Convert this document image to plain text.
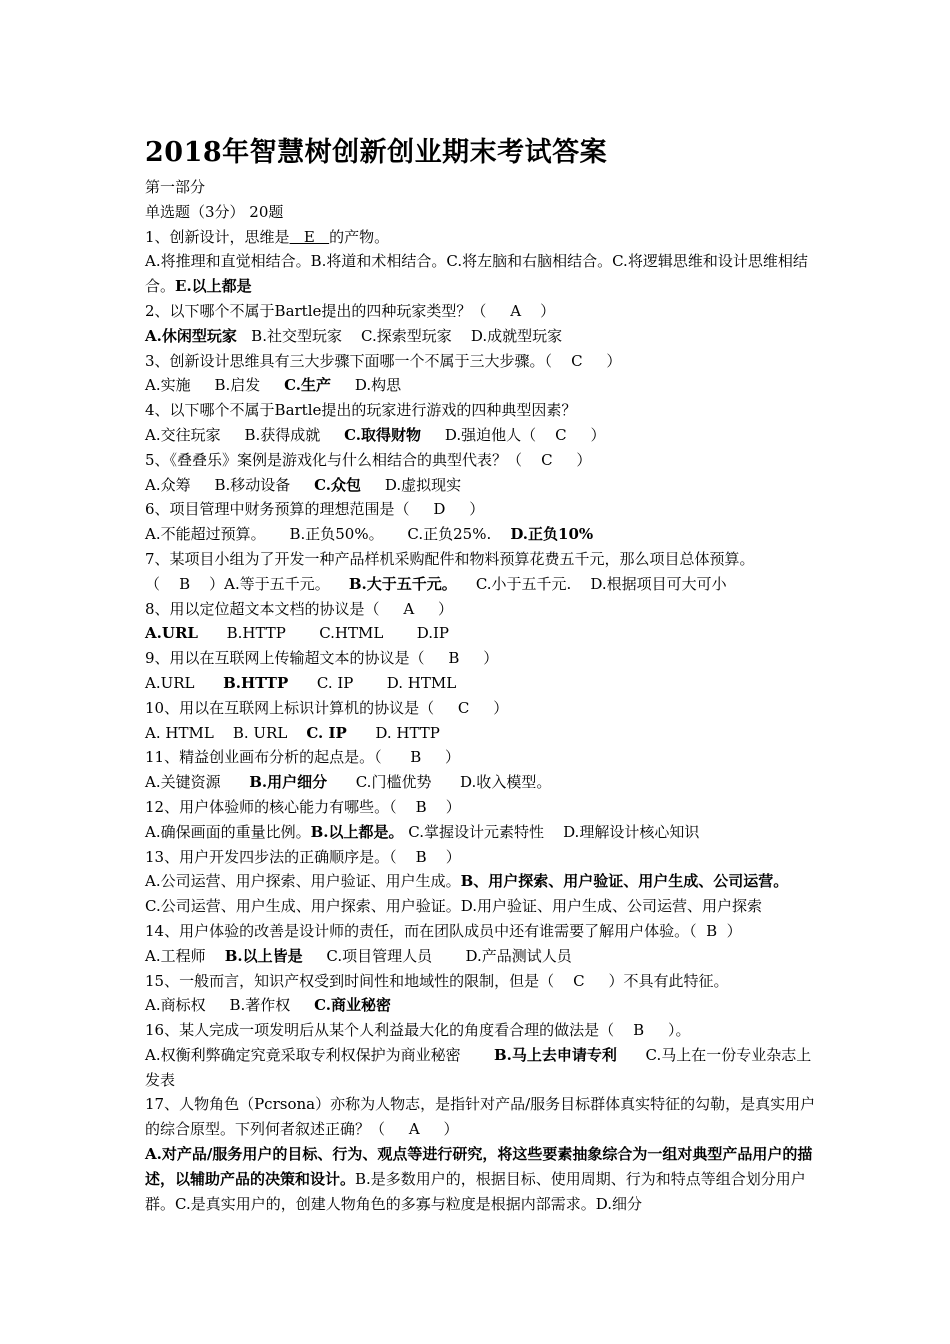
2018年智慧树创新创业期末考试答案
第一部分
单选题（3分） 20题
1、创新设计，思维是   E   的产物。
A.将推理和直觉相结合。B.将道和术相结合。C.将左脑和右脑相结合。C.将逻辑思维和设计思维相结合。E.以上都是
2、以下哪个不属于Bartle提出的四种玩家类型？（     A    ）
A.休闲型玩家   B.社交型玩家    C.探索型玩家    D.成就型玩家
3、创新设计思维具有三大步骤下面哪一个不属于三大步骤。（    C     ）
A.实施     B.启发     C.生产     D.构思
4、以下哪个不属于Bartle提出的玩家进行游戏的四种典型因素？
A.交往玩家     B.获得成就     C.取得财物     D.强迫他人（    C     ）
5、《叠叠乐》案例是游戏化与什么相结合的典型代表？（    C     ）
A.众筹     B.移动设备     C.众包     D.虚拟现实
6、项目管理中财务预算的理想范围是（     D     ）
A.不能超过预算。     B.正负50%。     C.正负25%.    D.正负10%
7、某项目小组为了开发一种产品样机采购配件和物料预算花费五千元，那么项目总体预算。
（    B    ）A.等于五千元。    B.大于五千元。    C.小于五千元.    D.根据项目可大可小
8、用以定位超文本文档的协议是（     A     ）
A.URL      B.HTTP       C.HTML       D.IP
9、用以在互联网上传输超文本的协议是（     B     ）
A.URL      B.HTTP      C. IP       D. HTML
10、用以在互联网上标识计算机的协议是（     C     ）
A. HTML    B. URL    C. IP      D. HTTP
11、精益创业画布分析的起点是。（      B     ）
A.关键资源      B.用户细分      C.门槛优势      D.收入模型。
12、用户体验师的核心能力有哪些。（    B    ）
A.确保画面的重量比例。B.以上都是。 C.掌握设计元素特性    D.理解设计核心知识
13、用户开发四步法的正确顺序是。（    B    ）
A.公司运营、用户探索、用户验证、用户生成。B、用户探索、用户验证、用户生成、公司运营。
C.公司运营、用户生成、用户探索、用户验证。D.用户验证、用户生成、公司运营、用户探索
14、用户体验的改善是设计师的责任，而在团队成员中还有谁需要了解用户体验。（  B  ）
A.工程师    B.以上皆是     C.项目管理人员       D.产品测试人员
15、一般而言，知识产权受到时间性和地域性的限制，但是（    C     ）不具有此特征。
A.商标权     B.著作权     C.商业秘密
16、某人完成一项发明后从某个人利益最大化的角度看合理的做法是（    B     ）。
A.权衡利弊确定究竟采取专利权保护为商业秘密       B.马上去申请专利      C.马上在一份专业杂志上发表
17、人物角色（Pcrsona）亦称为人物志，是指针对产品/服务目标群体真实特征的勾勒，是真实用户的综合原型。下列何者叙述正确？（     A     ）
A.对产品/服务用户的目标、行为、观点等进行研究，将这些要素抽象综合为一组对典型产品用户的描述，以辅助产品的决策和设计。B.是多数用户的，根据目标、使用周期、行为和特点等组合划分用户群。C.是真实用户的，创建人物角色的多寡与粒度是根据内部需求。D.细分
